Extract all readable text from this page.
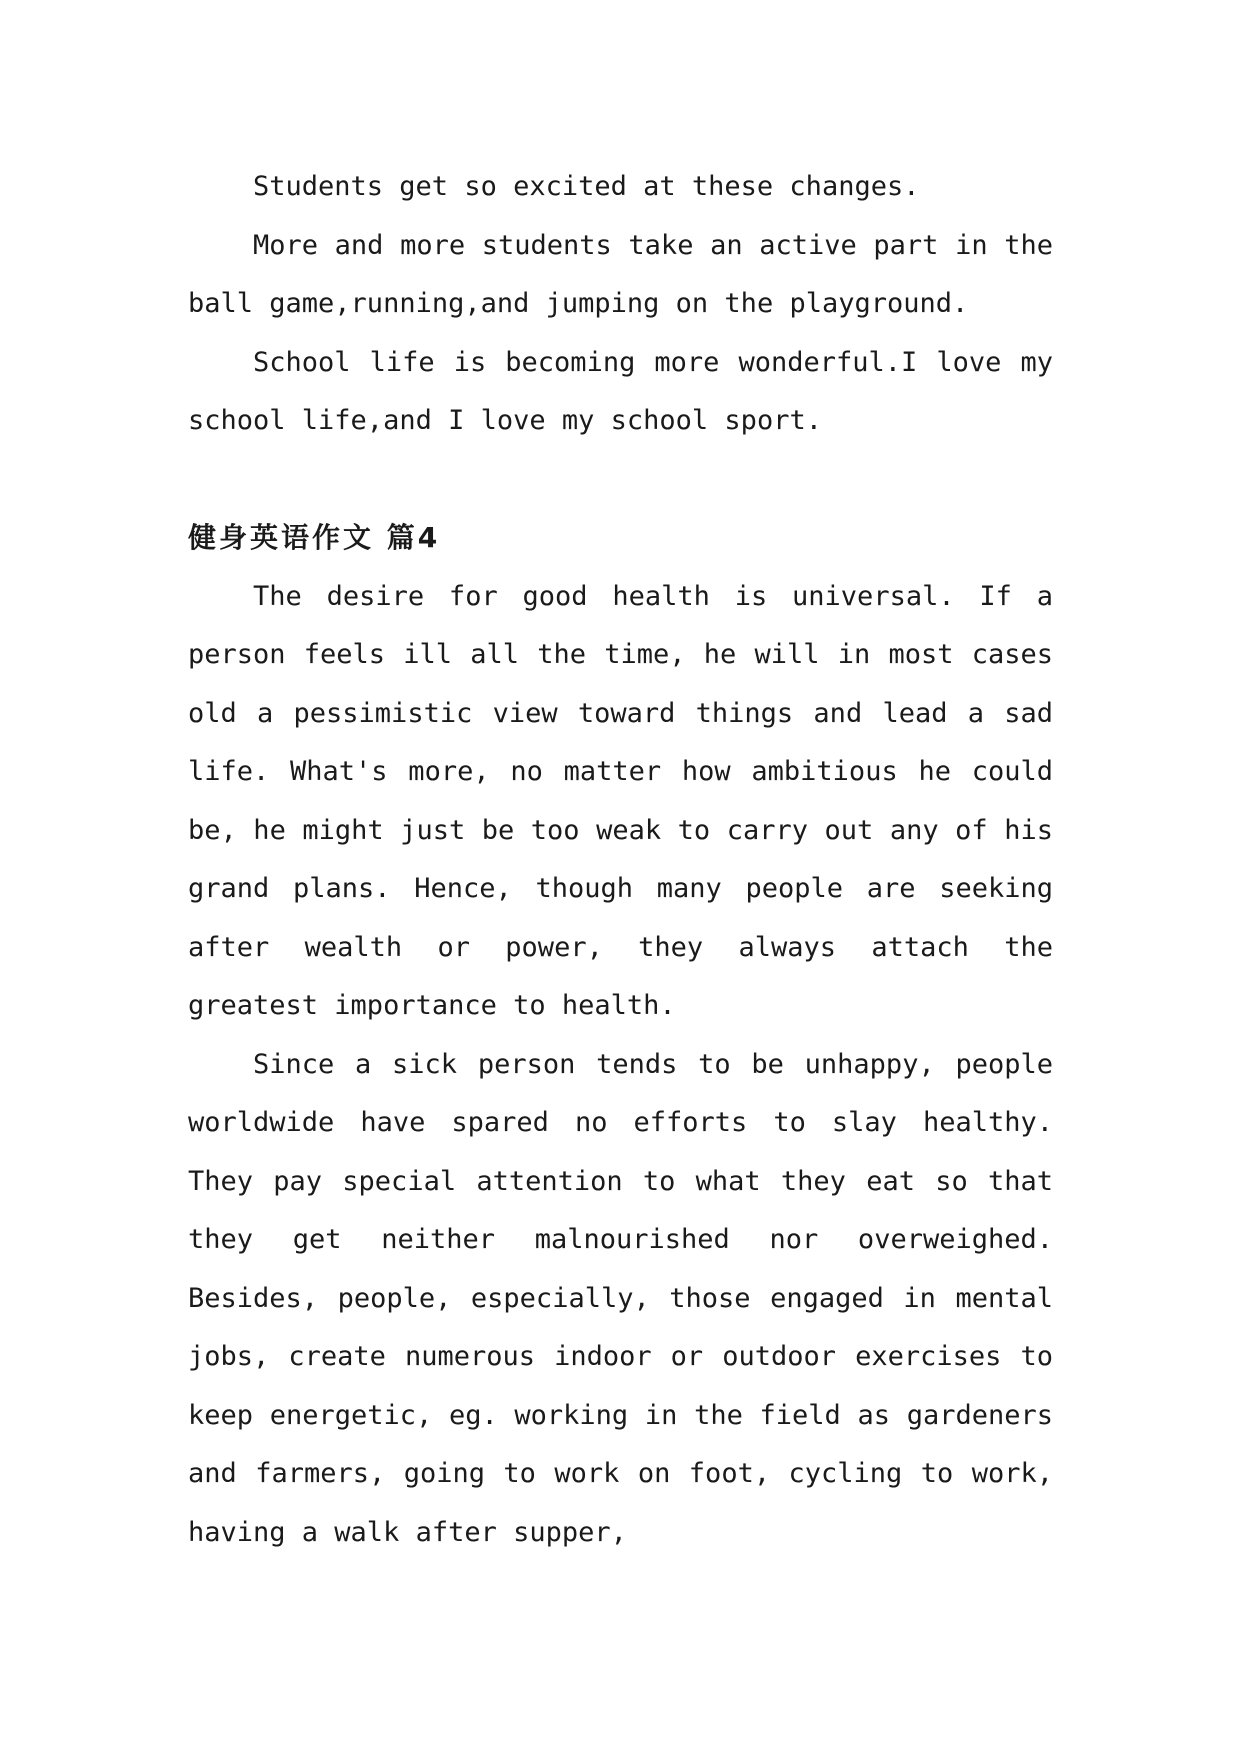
Students get so excited at these changes.

More and more students take an active part in the ball game,running,and jumping on the playground.

School life is becoming more wonderful.I love my school life,and I love my school sport.

健身英语作文 篇4

The desire for good health is universal. If a person feels ill all the time, he will in most cases old a pessimistic view toward things and lead a sad life. What's more, no matter how ambitious he could be, he might just be too weak to carry out any of his grand plans. Hence, though many people are seeking after wealth or power, they always attach the greatest importance to health.

Since a sick person tends to be unhappy, people worldwide have spared no efforts to slay healthy. They pay special attention to what they eat so that they get neither malnourished nor overweighed. Besides, people, especially, those engaged in mental jobs, create numerous indoor or outdoor exercises to keep energetic, eg. working in the field as gardeners and farmers, going to work on foot, cycling to work, having a walk after supper,
